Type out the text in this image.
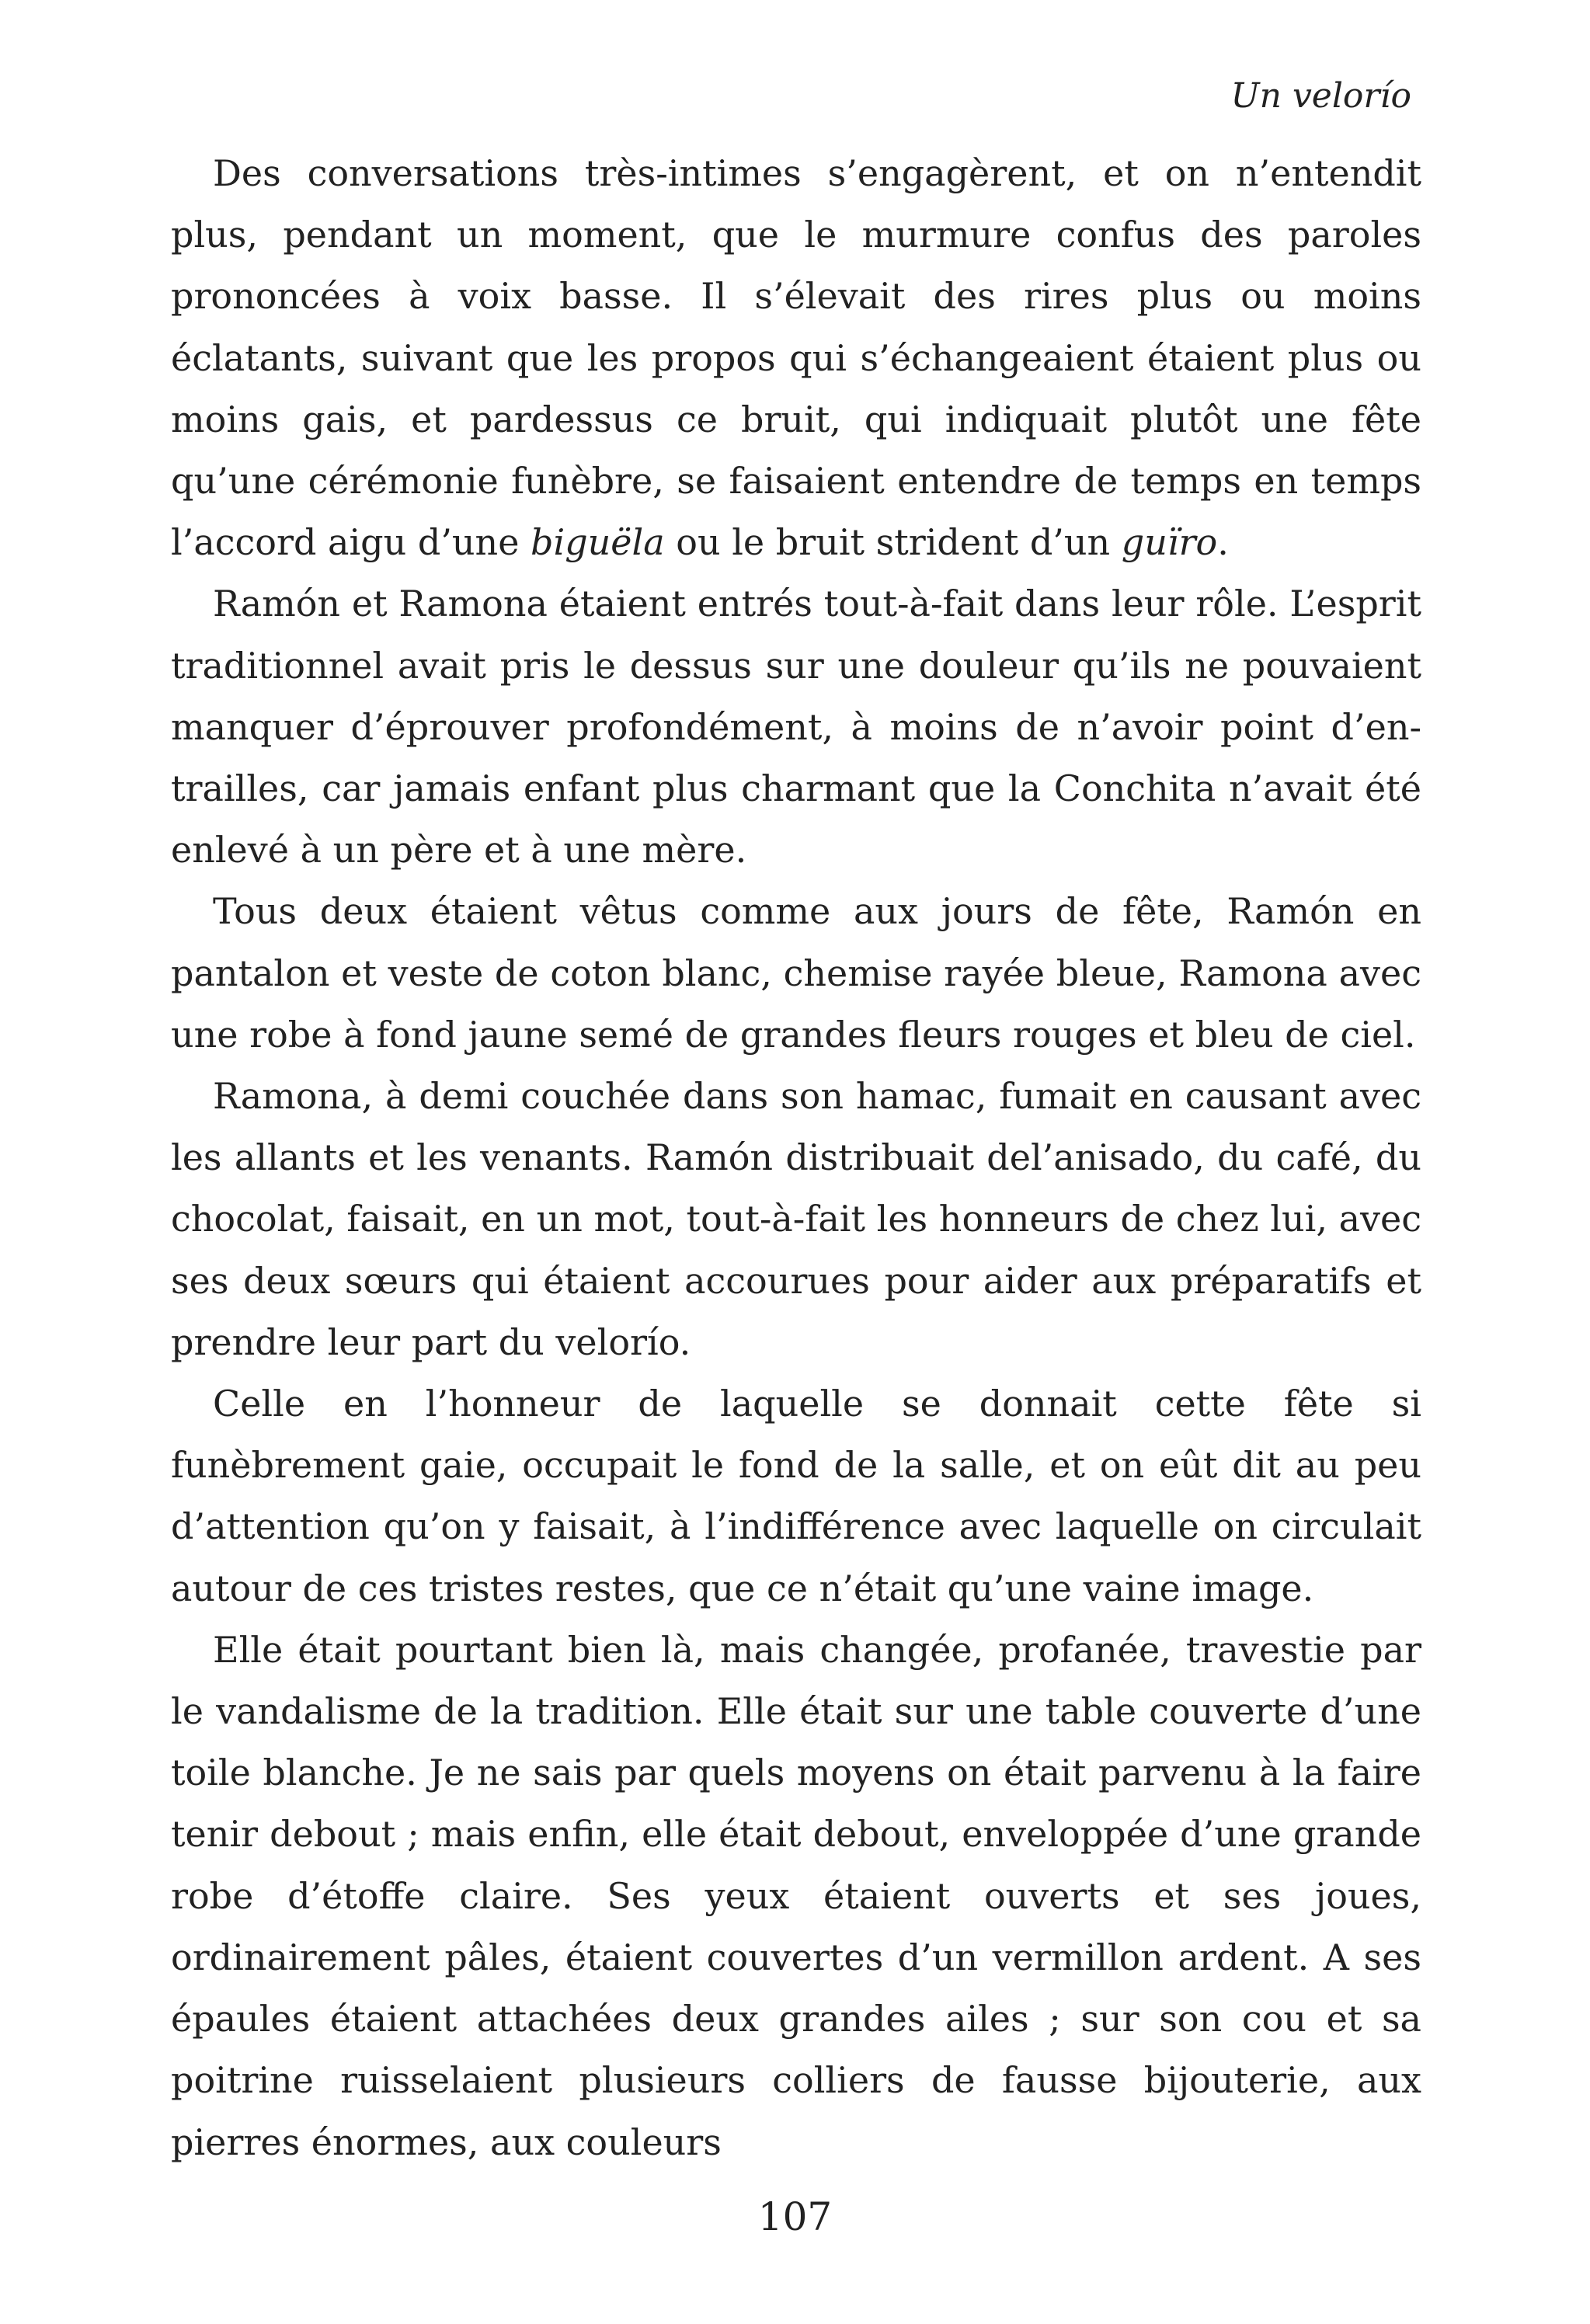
Un velorío

Des conversations très-intimes s’engagèrent, et on n’entendit plus, pendant un moment, que le murmure confus des paroles prononcées à voix basse. Il s’élevait des rires plus ou moins éclatants, suivant que les propos qui s’échangeaient étaient plus ou moins gais, et pardessus ce bruit, qui indiquait plutôt une fête qu’une cérémonie funèbre, se faisaient entendre de temps en temps l’accord aigu d’une biguëla ou le bruit strident d’un guïro.

Ramón et Ramona étaient entrés tout-à-fait dans leur rôle. L’esprit traditionnel avait pris le dessus sur une douleur qu’ils ne pouvaient manquer d’éprouver profondément, à moins de n’avoir point d’entrailles, car jamais enfant plus charmant que la Conchita n’avait été enlevé à un père et à une mère.

Tous deux étaient vêtus comme aux jours de fête, Ramón en pantalon et veste de coton blanc, chemise rayée bleue, Ramona avec une robe à fond jaune semé de grandes fleurs rouges et bleu de ciel.

Ramona, à demi couchée dans son hamac, fumait en causant avec les allants et les venants. Ramón distribuait del’anisado, du café, du chocolat, faisait, en un mot, tout-à-fait les honneurs de chez lui, avec ses deux sœurs qui étaient accourues pour aider aux préparatifs et prendre leur part du velorío.

Celle en l’honneur de laquelle se donnait cette fête si funèbrement gaie, occupait le fond de la salle, et on eût dit au peu d’attention qu’on y faisait, à l’indifférence avec laquelle on circulait autour de ces tristes restes, que ce n’était qu’une vaine image.

Elle était pourtant bien là, mais changée, profanée, travestie par le vandalisme de la tradition. Elle était sur une table couverte d’une toile blanche. Je ne sais par quels moyens on était parvenu à la faire tenir debout ; mais enfin, elle était debout, enveloppée d’une grande robe d’étoffe claire. Ses yeux étaient ouverts et ses joues, ordinairement pâles, étaient couvertes d’un vermillon ardent. A ses épaules étaient attachées deux grandes ailes ; sur son cou et sa poitrine ruisselaient plusieurs colliers de fausse bijouterie, aux pierres énormes, aux couleurs

107
